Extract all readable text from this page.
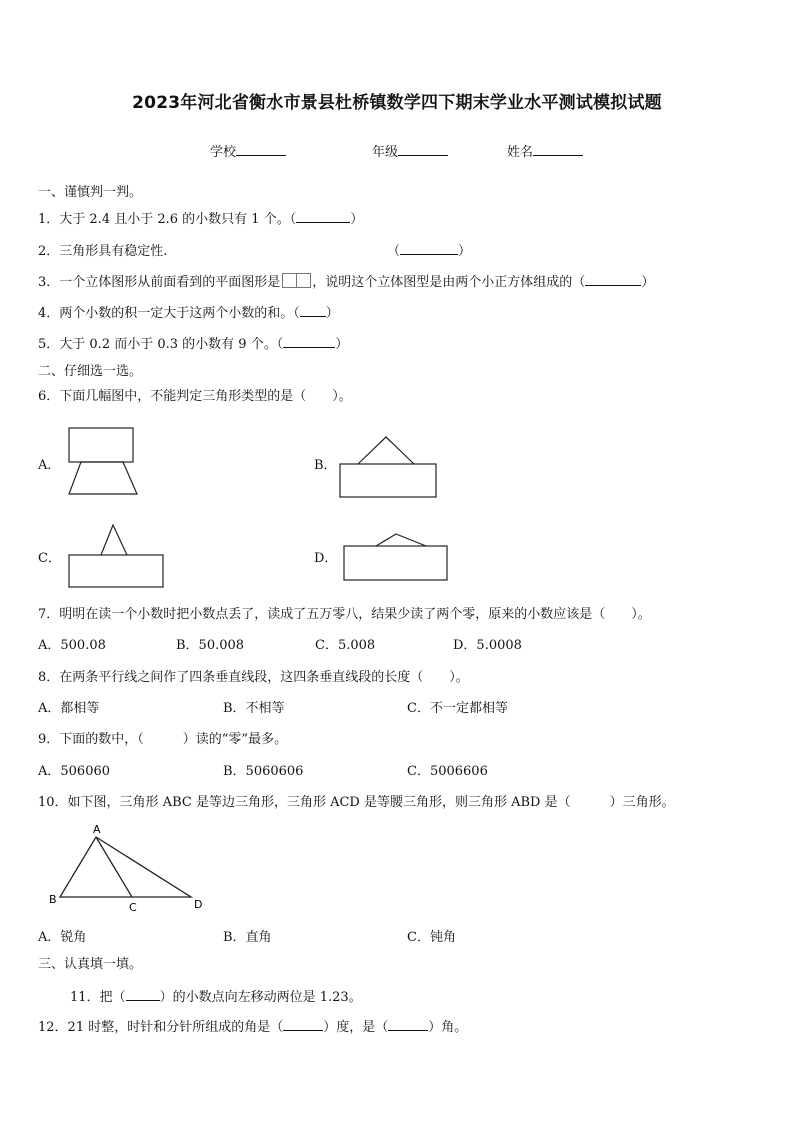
2023年河北省衡水市景县杜桥镇数学四下期末学业水平测试模拟试题
学校	年级	姓名
一、谨慎判一判。
1．大于 2.4 且小于 2.6 的小数只有 1 个。（	）
2．三角形具有稳定性.	（	）
3．一个立体图形从前面看到的平面图形是 ，说明这个立体图型是由两个小正方体组成的（	）
4．两个小数的积一定大于这两个小数的和。（ ）
5．大于 0.2 而小于 0.3 的小数有 9 个。（	）
二、仔细选一选。
6．下面几幅图中，不能判定三角形类型的是（　　）。
A．	B．
C．	D．
7．明明在读一个小数时把小数点丢了，读成了五万零八，结果少读了两个零，原来的小数应该是（　　）。
A．500.08	B．50.008	C．5.008	D．5.0008
8．在两条平行线之间作了四条垂直线段，这四条垂直线段的长度（　　）。
A．都相等	B．不相等	C．不一定都相等
9．下面的数中，（　　　）读的“零”最多。
A．506060	B．5060606	C．5006606
10．如下图，三角形 ABC 是等边三角形，三角形 ACD 是等腰三角形，则三角形 ABD 是（　　　）三角形。
A
B
C	D
A．锐角	B．直角	C．钝角
三、认真填一填。
11．把（	）的小数点向左移动两位是 1.23。
12．21 时整，时针和分针所组成的角是（	）度，是（	）角。
